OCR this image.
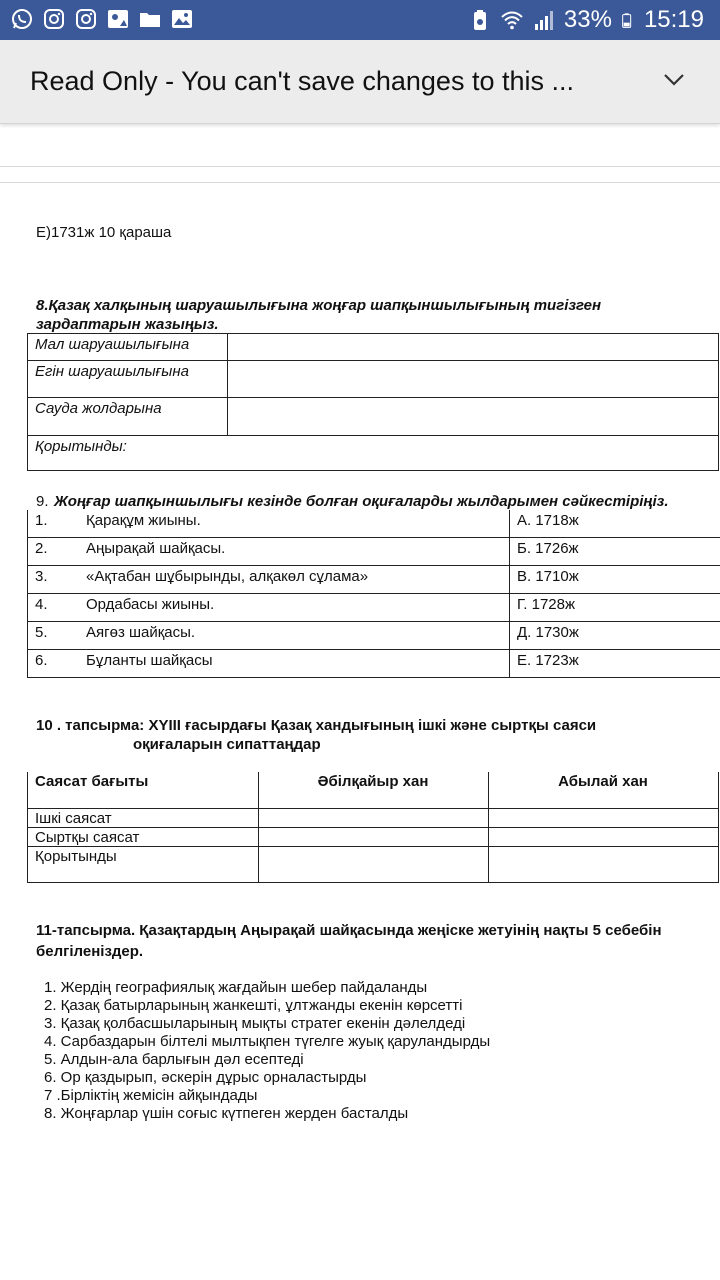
33% 15:19
Read Only - You can't save changes to this ...
Е)1731ж 10 қараша
8.Қазақ халқының шаруашылығына жоңғар шапқыншылығының тигізген
зардаптарын жазыңыз.
Мал шаруашылығына
Егін шаруашылығына
Сауда жолдарына
Қорытынды:
9. Жоңғар шапқыншылығы кезінде болған оқиғаларды жылдарымен сәйкестіріңіз.
1.	Қарақұм жиыны.	А. 1718ж
2.	Аңырақай шайқасы.	Б. 1726ж
3.	«Ақтабан шұбырынды, алқакөл сұлама»	В. 1710ж
4.	Ордабасы жиыны.	Г. 1728ж
5.	Аягөз шайқасы.	Д. 1730ж
6.	Бұланты шайқасы	Е. 1723ж
10 . тапсырма: XYIII ғасырдағы Қазақ хандығының ішкі және сыртқы саяси
оқиғаларын сипаттаңдар
Саясат бағыты	Әбілқайыр хан	Абылай хан
Ішкі саясат
Сыртқы саясат
Қорытынды
11-тапсырма. Қазақтардың Аңырақай шайқасында жеңіске жетуінің нақты 5 себебін
белгіленіздер.
1. Жердің географиялық жағдайын шебер пайдаланды
2. Қазақ батырларының жанкешті, ұлтжанды екенін көрсетті
3. Қазақ қолбасшыларының мықты стратег екенін дәлелдеді
4. Сарбаздарын білтелі мылтықпен түгелге жуық қаруландырды
5. Алдын-ала барлығын дәл есептеді
6. Ор қаздырып, әскерін дұрыс орналастырды
7 .Бірліктің жемісін айқындады
8. Жоңғарлар үшін соғыс күтпеген жерден басталды
